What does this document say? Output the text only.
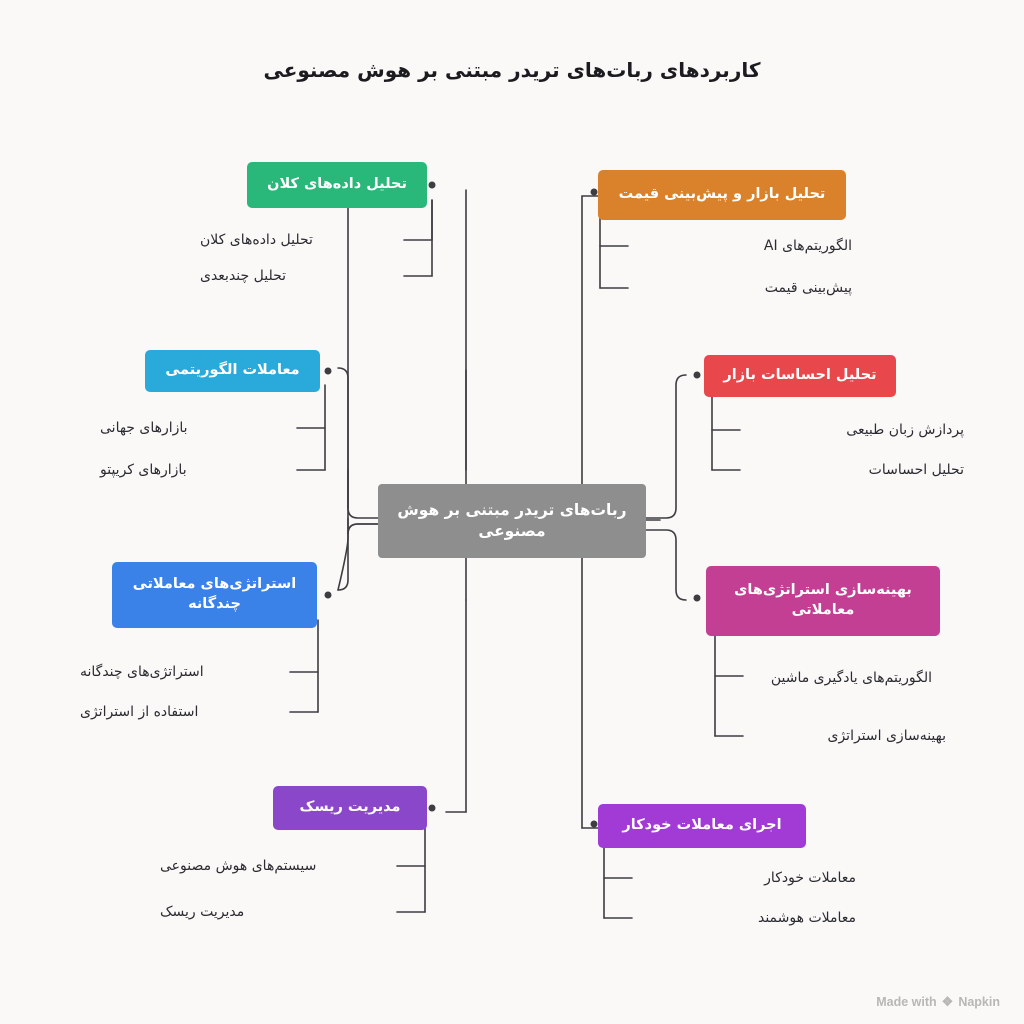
کاربردهای ربات‌های تریدر مبتنی بر هوش مصنوعی
ربات‌های تریدر مبتنی بر هوش مصنوعی
تحلیل داده‌های کلان
تحلیل داده‌های کلان
تحلیل چندبعدی
معاملات الگوریتمی
بازارهای جهانی
بازارهای کریپتو
استراتژی‌های معاملاتی چندگانه
استراتژی‌های چندگانه
استفاده از استراتژی
مدیریت ریسک
سیستم‌های هوش مصنوعی
مدیریت ریسک
تحلیل بازار و پیش‌بینی قیمت
الگوریتم‌های AI
پیش‌بینی قیمت
تحلیل احساسات بازار
پردازش زبان طبیعی
تحلیل احساسات
بهینه‌سازی استراتژی‌های معاملاتی
الگوریتم‌های یادگیری ماشین
بهینه‌سازی استراتژی
اجرای معاملات خودکار
معاملات خودکار
معاملات هوشمند
Made with ❖ Napkin
